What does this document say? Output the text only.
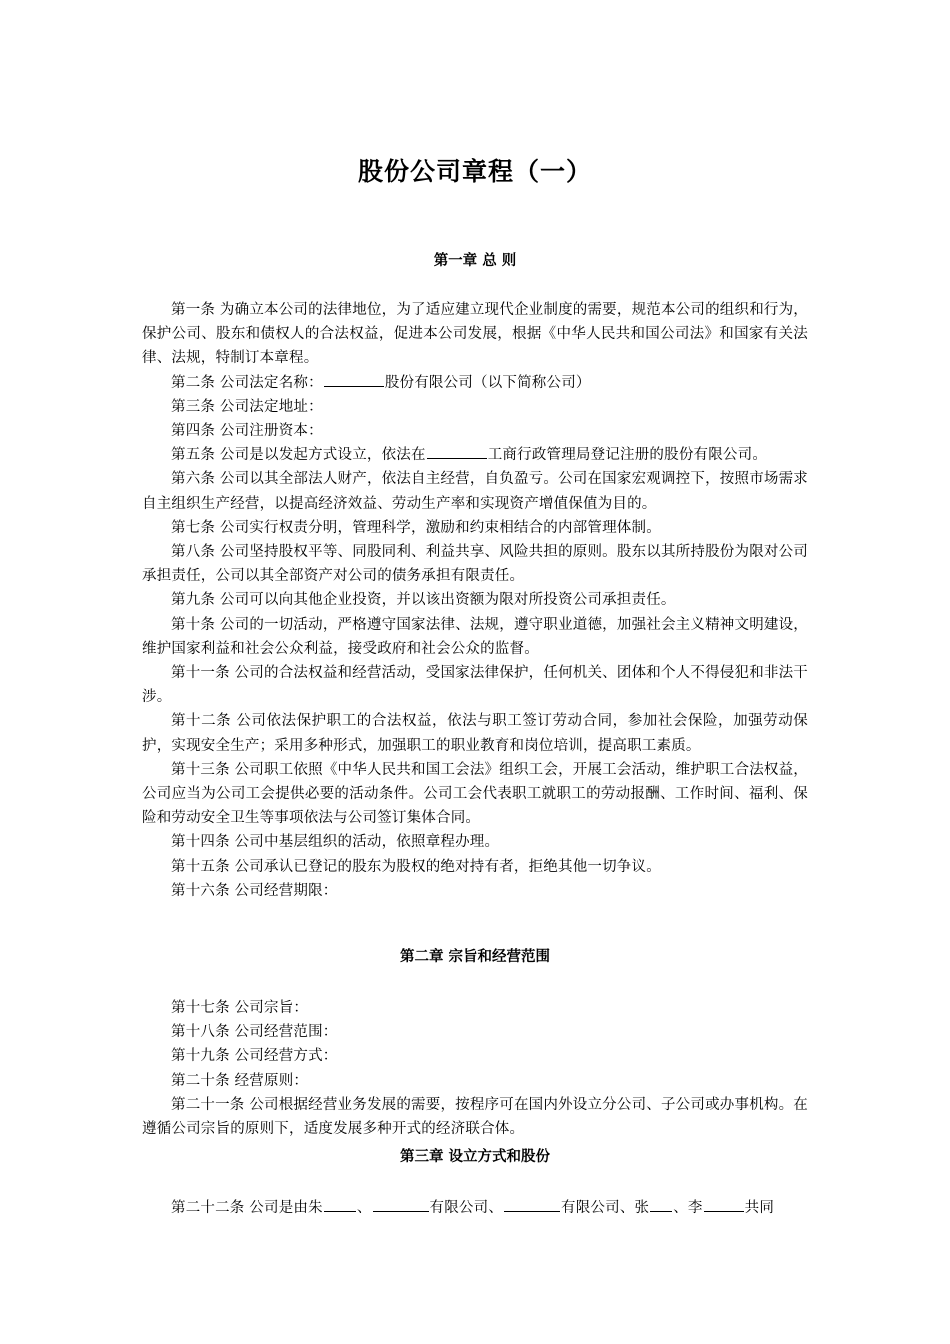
股份公司章程（一）
第一章 总 则

第一条 为确立本公司的法律地位，为了适应建立现代企业制度的需要，规范本公司的组织和行为，保护公司、股东和债权人的合法权益，促进本公司发展，根据《中华人民共和国公司法》和国家有关法律、法规，特制订本章程。

第二条 公司法定名称：	股份有限公司（以下简称公司）

第三条 公司法定地址：

第四条 公司注册资本：

第五条 公司是以发起方式设立，依法在	工商行政管理局登记注册的股份有限公司。

第六条 公司以其全部法人财产，依法自主经营，自负盈亏。公司在国家宏观调控下，按照市场需求自主组织生产经营，以提高经济效益、劳动生产率和实现资产增值保值为目的。

第七条 公司实行权责分明，管理科学，激励和约束相结合的内部管理体制。

第八条 公司坚持股权平等、同股同利、利益共享、风险共担的原则。股东以其所持股份为限对公司承担责任，公司以其全部资产对公司的债务承担有限责任。

第九条 公司可以向其他企业投资，并以该出资额为限对所投资公司承担责任。

第十条 公司的一切活动，严格遵守国家法律、法规，遵守职业道德，加强社会主义精神文明建设，维护国家利益和社会公众利益，接受政府和社会公众的监督。

第十一条 公司的合法权益和经营活动，受国家法律保护，任何机关、团体和个人不得侵犯和非法干涉。

第十二条 公司依法保护职工的合法权益，依法与职工签订劳动合同，参加社会保险，加强劳动保护，实现安全生产；采用多种形式，加强职工的职业教育和岗位培训，提高职工素质。

第十三条 公司职工依照《中华人民共和国工会法》组织工会，开展工会活动，维护职工合法权益，公司应当为公司工会提供必要的活动条件。公司工会代表职工就职工的劳动报酬、工作时间、福利、保险和劳动安全卫生等事项依法与公司签订集体合同。

第十四条 公司中基层组织的活动，依照章程办理。

第十五条 公司承认已登记的股东为股权的绝对持有者，拒绝其他一切争议。

第十六条 公司经营期限：

第二章 宗旨和经营范围

第十七条 公司宗旨：

第十八条 公司经营范围：

第十九条 公司经营方式：

第二十条 经营原则：

第二十一条 公司根据经营业务发展的需要，按程序可在国内外设立分公司、子公司或办事机构。在遵循公司宗旨的原则下，适度发展多种开式的经济联合体。

第三章 设立方式和股份

第二十二条 公司是由朱 、	有限公司、	有限公司、张 、李	共同
